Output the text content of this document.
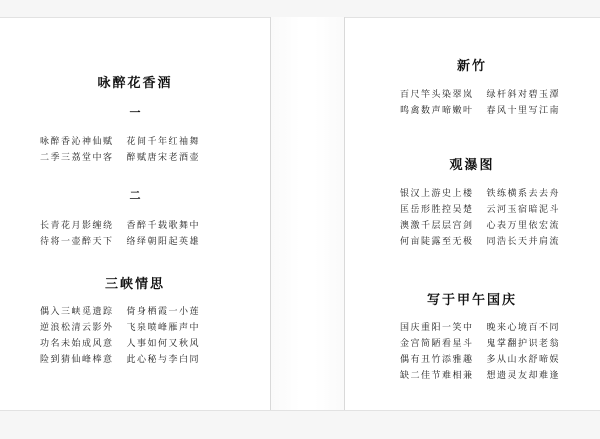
咏醉花香酒
一
咏醉香沁神仙赋 花间千年红袖舞
二季三荔堂中客 醉赋唐宋老酒壶
二
长青花月影缠绕 香醉千载歌舞中
待将一壶醉天下 络绎朝阳起英雄
三峡情思
偶入三峡觅遗踪 倚身栖霞一小莲
逆浪松清云影外 飞泉喷峰雁声中
功名未始成风意 人事如何又秋风
险到猜仙峰棒意 此心秘与李白同
新竹
百尺竿头染翠岚 绿杆斜对碧玉潭
鸣禽数声啼嫩叶 春风十里写江南
观瀑图
银汉上游史上楼 铁练横系去去舟
匡岳形胜控吴楚 云河玉宿暗泥斗
澳激千层层宫剑 心表万里依宏流
何亩陡露至无极 同浩长天并肩流
写于甲午国庆
国庆重阳一笑中 晚来心境百不同
金宫简陋看星斗 鬼掌翻护识老翁
偶有丑竹添雅趣 多从山水舒啼娱
缺二佳节难相兼 想遗灵友却难逢
